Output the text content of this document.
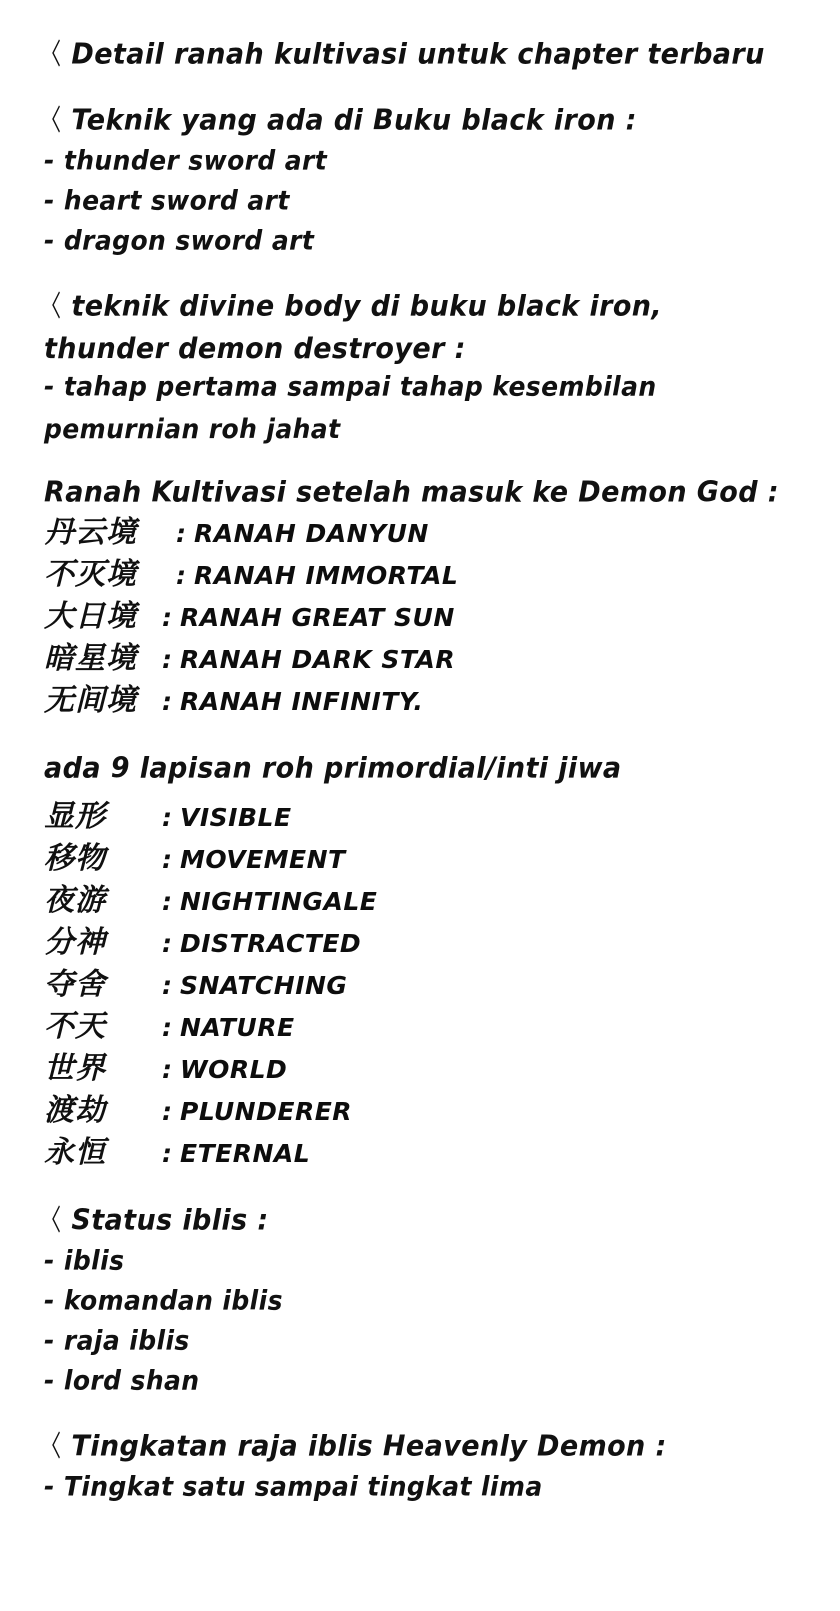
〈 Detail ranah kultivasi untuk chapter terbaru
〈 Teknik yang ada di Buku black iron :
- thunder sword art
- heart sword art
- dragon sword art
〈 teknik divine body di buku black iron, thunder demon destroyer :
- tahap pertama sampai tahap kesembilan pemurnian roh jahat
Ranah Kultivasi setelah masuk ke Demon God :
丹云境	: RANAH DANYUN
不灭境	: RANAH IMMORTAL
大日境	: RANAH GREAT SUN
暗星境	: RANAH DARK STAR
无间境	: RANAH INFINITY.
ada 9 lapisan roh primordial/inti jiwa
显形	: VISIBLE
移物	: MOVEMENT
夜游	: NIGHTINGALE
分神	: DISTRACTED
夺舍	: SNATCHING
不天	: NATURE
世界	: WORLD
渡劫	: PLUNDERER
永恒	: ETERNAL
〈 Status iblis :
- iblis
- komandan iblis
- raja iblis
- lord shan
〈 Tingkatan raja iblis Heavenly Demon :
- Tingkat satu sampai tingkat lima
